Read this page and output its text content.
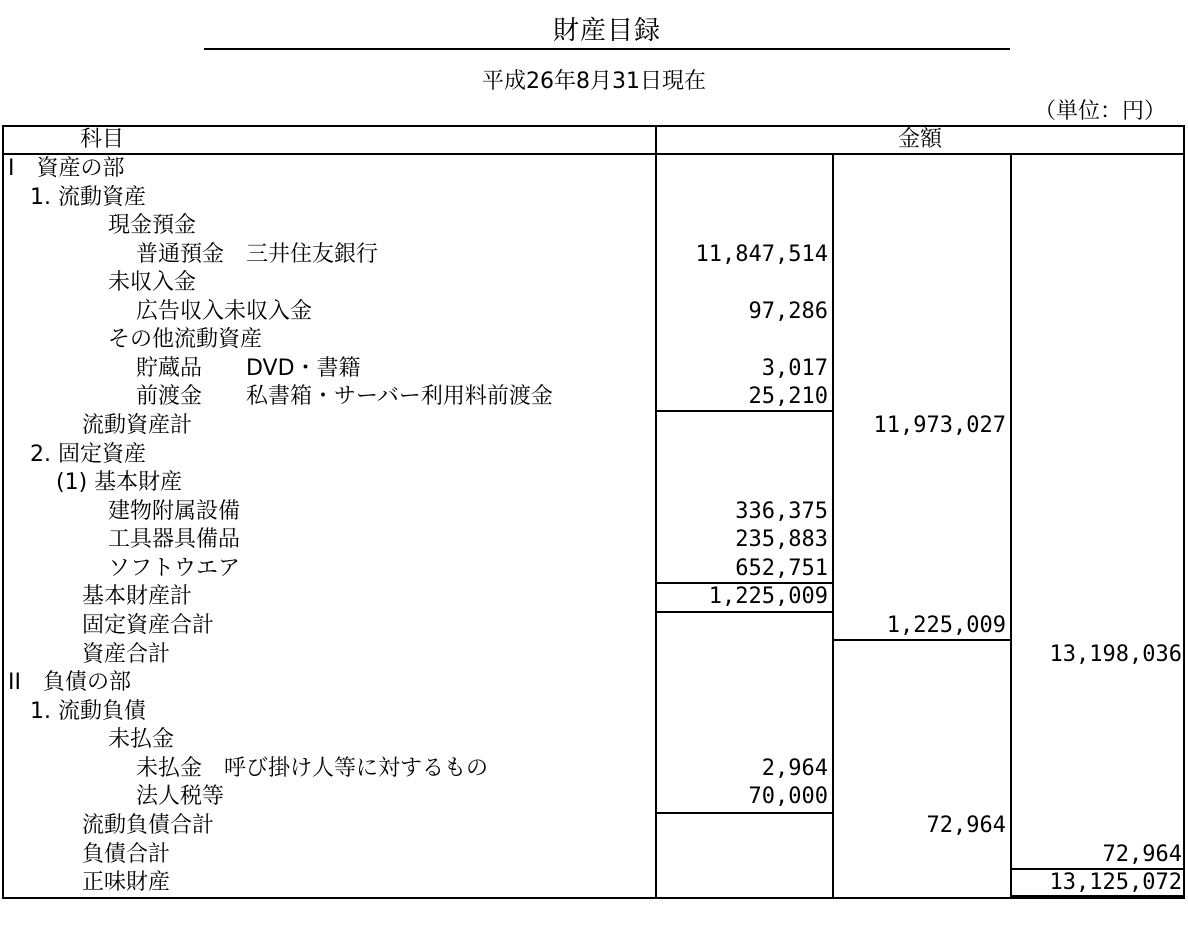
財産目録
平成26年8月31日現在
（単位：円）
科目	金額
I　資産の部
1. 流動資産
現金預金
普通預金　三井住友銀行
未収入金
広告収入未収入金
その他流動資産
貯蔵品　　DVD・書籍
前渡金　　私書箱・サーバー利用料前渡金
流動資産計
2. 固定資産
(1) 基本財産
建物附属設備
工具器具備品
ソフトウエア
基本財産計
固定資産合計
資産合計
II　負債の部
1. 流動負債
未払金
未払金　呼び掛け人等に対するもの
法人税等
流動負債合計
負債合計
正味財産
11,847,514
97,286
3,017
25,210
11,973,027
336,375
235,883
652,751
1,225,009
1,225,009
13,198,036
2,964
70,000
72,964
72,964
13,125,072
